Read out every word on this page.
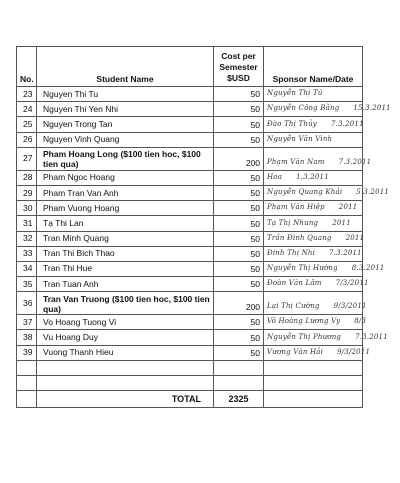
No.	Student Name	Cost per
Semester
$USD	Sponsor Name/Date
23	Nguyen Thi Tu	50	Nguyễn Thị Tú

24	Nguyen Thi Yen Nhi	50	Nguyễn Công Bằng 15.3.2011

25	Nguyen Trong Tan	50	Đào Thị Thủy 7.3.2011

26	Nguyen Vinh Quang	50	Nguyễn Văn Vinh

27	Pham Hoang Long ($100 tien hoc, $100 tien qua)	200	Phạm Văn Nam 7.3.2011

28	Pham Ngoc Hoang	50	Hoa 1.3.2011

29	Pham Tran Van Anh	50	Nguyễn Quang Khải 5.3.2011

30	Pham Vuong Hoang	50	Phạm Văn Hiệp 2011

31	Tạ Thi Lan	50	Tạ Thị Nhung 2011

32	Tran Minh Quang	50	Trần Đình Quang 2011

33	Tran Thi Bich Thao	50	Đinh Thị Nhi 7.3.2011

34	Tran Thi Hue	50	Nguyễn Thị Hường 8.3.2011

35	Tran Tuan Anh	50	Đoàn Văn Lâm 7/3/2011

36	Tran Van Truong ($100 tien hoc, $100 tien qua)	200	Lại Thị Cường 9/3/2011

37	Vo Hoang Tuong Vi	50	Võ Hoàng Lương Vy 8/3

38	Vu Hoang Duy	50	Nguyễn Thị Phương 7.3.2011

39	Vuong Thanh Hieu	50	Vương Văn Hải 9/3/2011

	TOTAL	2325	
